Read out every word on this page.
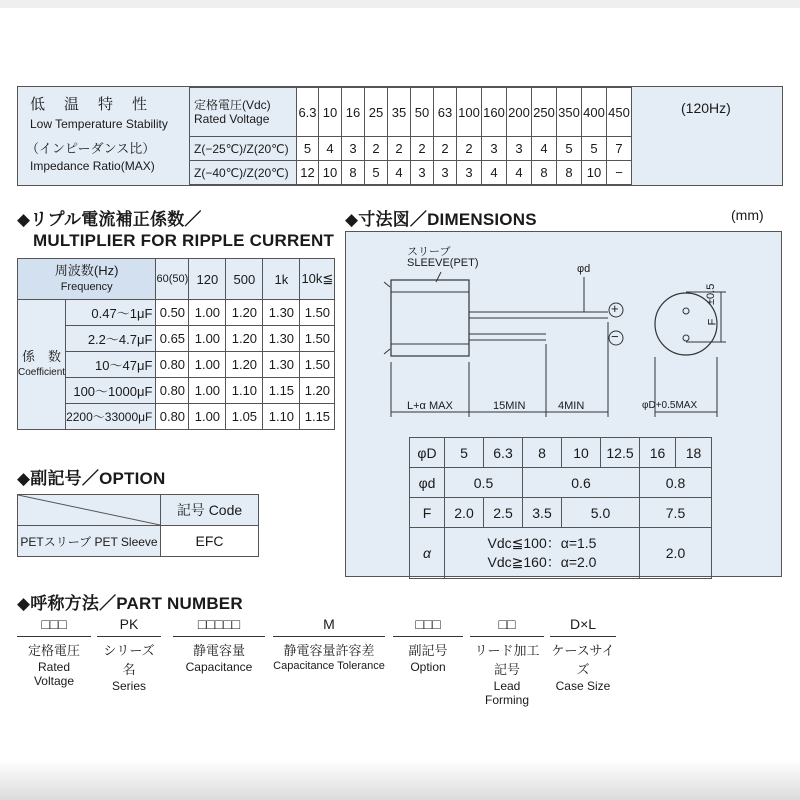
低　温　特　性
Low Temperature Stability
（インピーダンス比）
Impedance Ratio(MAX)
定格電圧(Vdc)
Rated Voltage	6.3	10	16	25	35	50	63	100	160	200	250	350	400	450
Z(−25℃)/Z(20℃)	5	4	3	2	2	2	2	2	3	3	4	5	5	7
Z(−40℃)/Z(20℃)	12	10	8	5	4	3	3	3	4	4	8	8	10	−
(120Hz)
◆リプル電流補正係数／
MULTIPLIER FOR RIPPLE CURRENT
周波数(Hz)
Frequency		60(50)	120	500	1k	10k≦

係　数
Coefficient	0.47〜1μF	0.50	1.00	1.20	1.30	1.50
	2.2〜4.7μF	0.65	1.00	1.20	1.30	1.50
	10〜47μF	0.80	1.00	1.20	1.30	1.50
	100〜1000μF	0.80	1.00	1.10	1.15	1.20
	2200〜33000μF	0.80	1.00	1.05	1.10	1.15
◆副記号／OPTION
	記号 Code
PETスリーブ PET Sleeve	EFC
◆寸法図／DIMENSIONS	(mm)
スリーブ
SLEEVE(PET)	φd
±0.5
F
+
−
L+α MAX	15MIN	4MIN	φD+0.5MAX
φD	5	6.3	8	10	12.5	16	18
φd	0.5		0.6			0.8	
F	2.0	2.5	3.5	5.0		7.5	
α	Vdc≦100：α=1.5
Vdc≧160：α=2.0					2.0	
◆呼称方法／PART NUMBER
□□□
定格電圧
Rated Voltage
PK
シリーズ名
Series
□□□□□
静電容量
Capacitance
M
静電容量許容差
Capacitance Tolerance
□□□
副記号
Option
□□
リード加工記号
Lead Forming
D×L
ケースサイズ
Case Size
